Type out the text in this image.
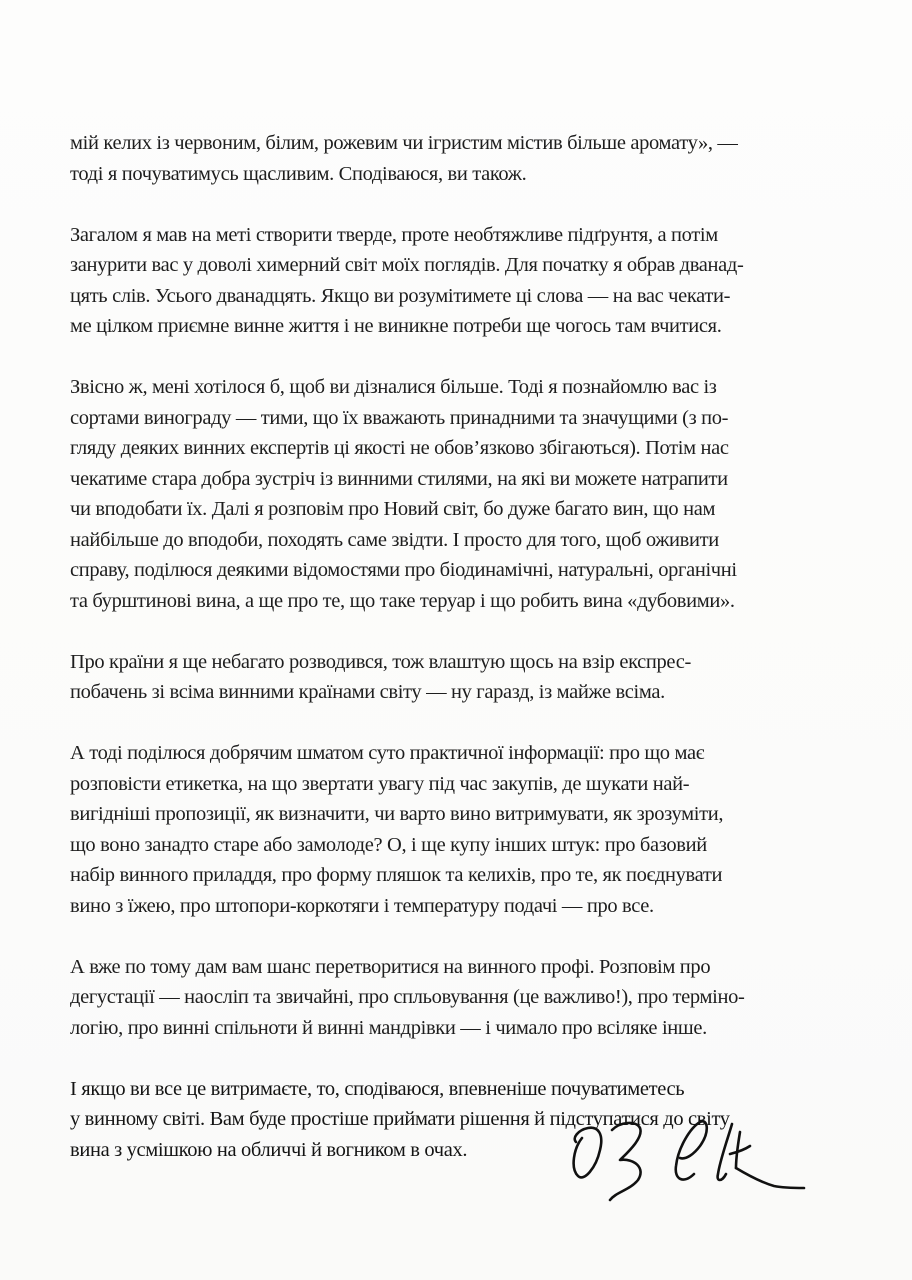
мій келих із червоним, білим, рожевим чи ігристим містив більше аромату», —
тоді я почуватимусь щасливим. Сподіваюся, ви також.

Загалом я мав на меті створити тверде, проте необтяжливе підґрунтя, а потім
занурити вас у доволі химерний світ моїх поглядів. Для початку я обрав дванад-
цять слів. Усього дванадцять. Якщо ви розумітимете ці слова — на вас чекати-
ме цілком приємне винне життя і не виникне потреби ще чогось там вчитися.

Звісно ж, мені хотілося б, щоб ви дізналися більше. Тоді я познайомлю вас із
сортами винограду — тими, що їх вважають принадними та значущими (з по-
гляду деяких винних експертів ці якості не обов’язково збігаються). Потім нас
чекатиме стара добра зустріч із винними стилями, на які ви можете натрапити
чи вподобати їх. Далі я розповім про Новий світ, бо дуже багато вин, що нам
найбільше до вподоби, походять саме звідти. І просто для того, щоб оживити
справу, поділюся деякими відомостями про біодинамічні, натуральні, органічні
та бурштинові вина, а ще про те, що таке теруар і що робить вина «дубовими».

Про країни я ще небагато розводився, тож влаштую щось на взір експрес-
побачень зі всіма винними країнами світу — ну гаразд, із майже всіма.

А тоді поділюся добрячим шматом суто практичної інформації: про що має
розповісти етикетка, на що звертати увагу під час закупів, де шукати най-
вигідніші пропозиції, як визначити, чи варто вино витримувати, як зрозуміти,
що воно занадто старе або замолоде? О, і ще купу інших штук: про базовий
набір винного приладдя, про форму пляшок та келихів, про те, як поєднувати
вино з їжею, про штопори-коркотяги і температуру подачі — про все.

А вже по тому дам вам шанс перетворитися на винного профі. Розповім про
дегустації — наосліп та звичайні, про спльовування (це важливо!), про терміно-
логію, про винні спільноти й винні мандрівки — і чимало про всіляке інше.

І якщо ви все це витримаєте, то, сподіваюся, впевненіше почуватиметесь
у винному світі. Вам буде простіше приймати рішення й підступатися до світу
вина з усмішкою на обличчі й вогником в очах.
